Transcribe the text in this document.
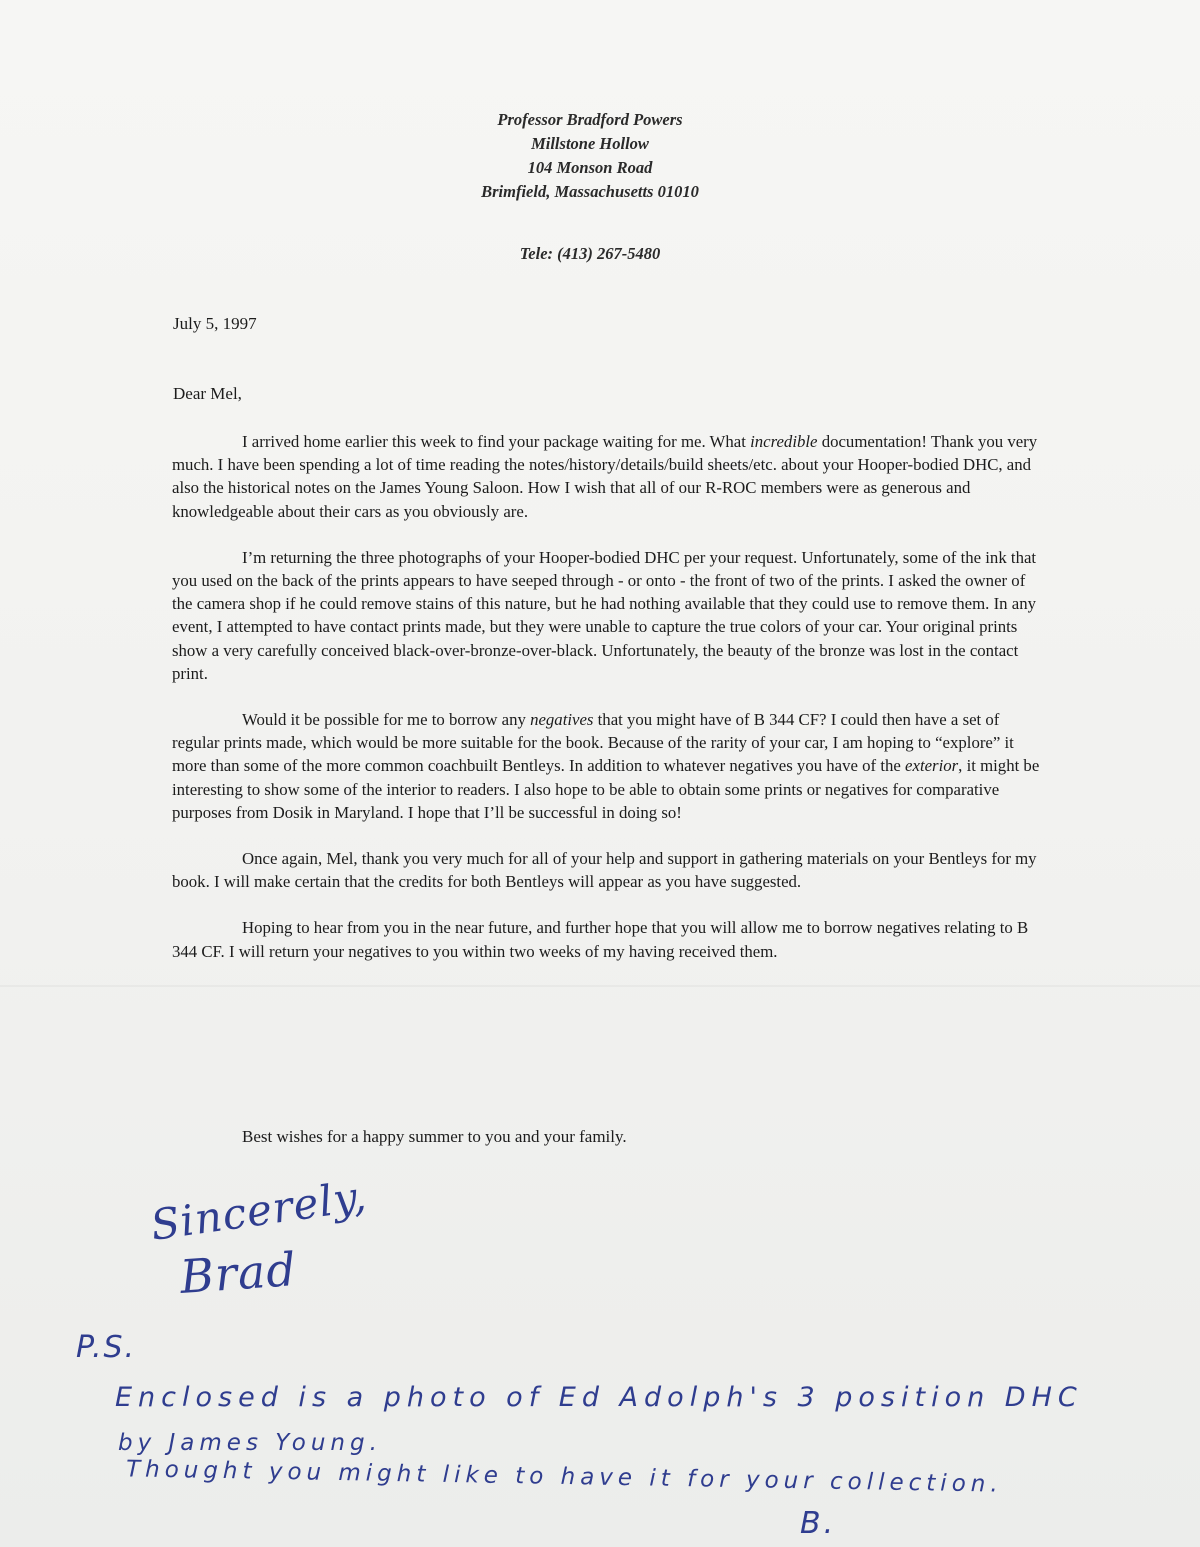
Professor Bradford Powers
Millstone Hollow
104 Monson Road
Brimfield, Massachusetts 01010
Tele: (413) 267-5480
July 5, 1997
Dear Mel,

I arrived home earlier this week to find your package waiting for me. What incredible documentation! Thank you very much. I have been spending a lot of time reading the notes/history/details/build sheets/etc. about your Hooper-bodied DHC, and also the historical notes on the James Young Saloon. How I wish that all of our R-ROC members were as generous and knowledgeable about their cars as you obviously are.

I’m returning the three photographs of your Hooper-bodied DHC per your request. Unfortunately, some of the ink that you used on the back of the prints appears to have seeped through - or onto - the front of two of the prints. I asked the owner of the camera shop if he could remove stains of this nature, but he had nothing available that they could use to remove them. In any event, I attempted to have contact prints made, but they were unable to capture the true colors of your car. Your original prints show a very carefully conceived black-over-bronze-over-black. Unfortunately, the beauty of the bronze was lost in the contact print.

Would it be possible for me to borrow any negatives that you might have of B 344 CF? I could then have a set of regular prints made, which would be more suitable for the book. Because of the rarity of your car, I am hoping to “explore” it more than some of the more common coachbuilt Bentleys. In addition to whatever negatives you have of the exterior, it might be interesting to show some of the interior to readers. I also hope to be able to obtain some prints or negatives for comparative purposes from Dosik in Maryland. I hope that I’ll be successful in doing so!

Once again, Mel, thank you very much for all of your help and support in gathering materials on your Bentleys for my book. I will make certain that the credits for both Bentleys will appear as you have suggested.

Hoping to hear from you in the near future, and further hope that you will allow me to borrow negatives relating to B 344 CF. I will return your negatives to you within two weeks of my having received them.

Best wishes for a happy summer to you and your family.
Sincerely,
Brad
P.S.
Enclosed is a photo of Ed Adolph's 3 position DHC
by James Young.
Thought you might like to have it for your collection.
B.
